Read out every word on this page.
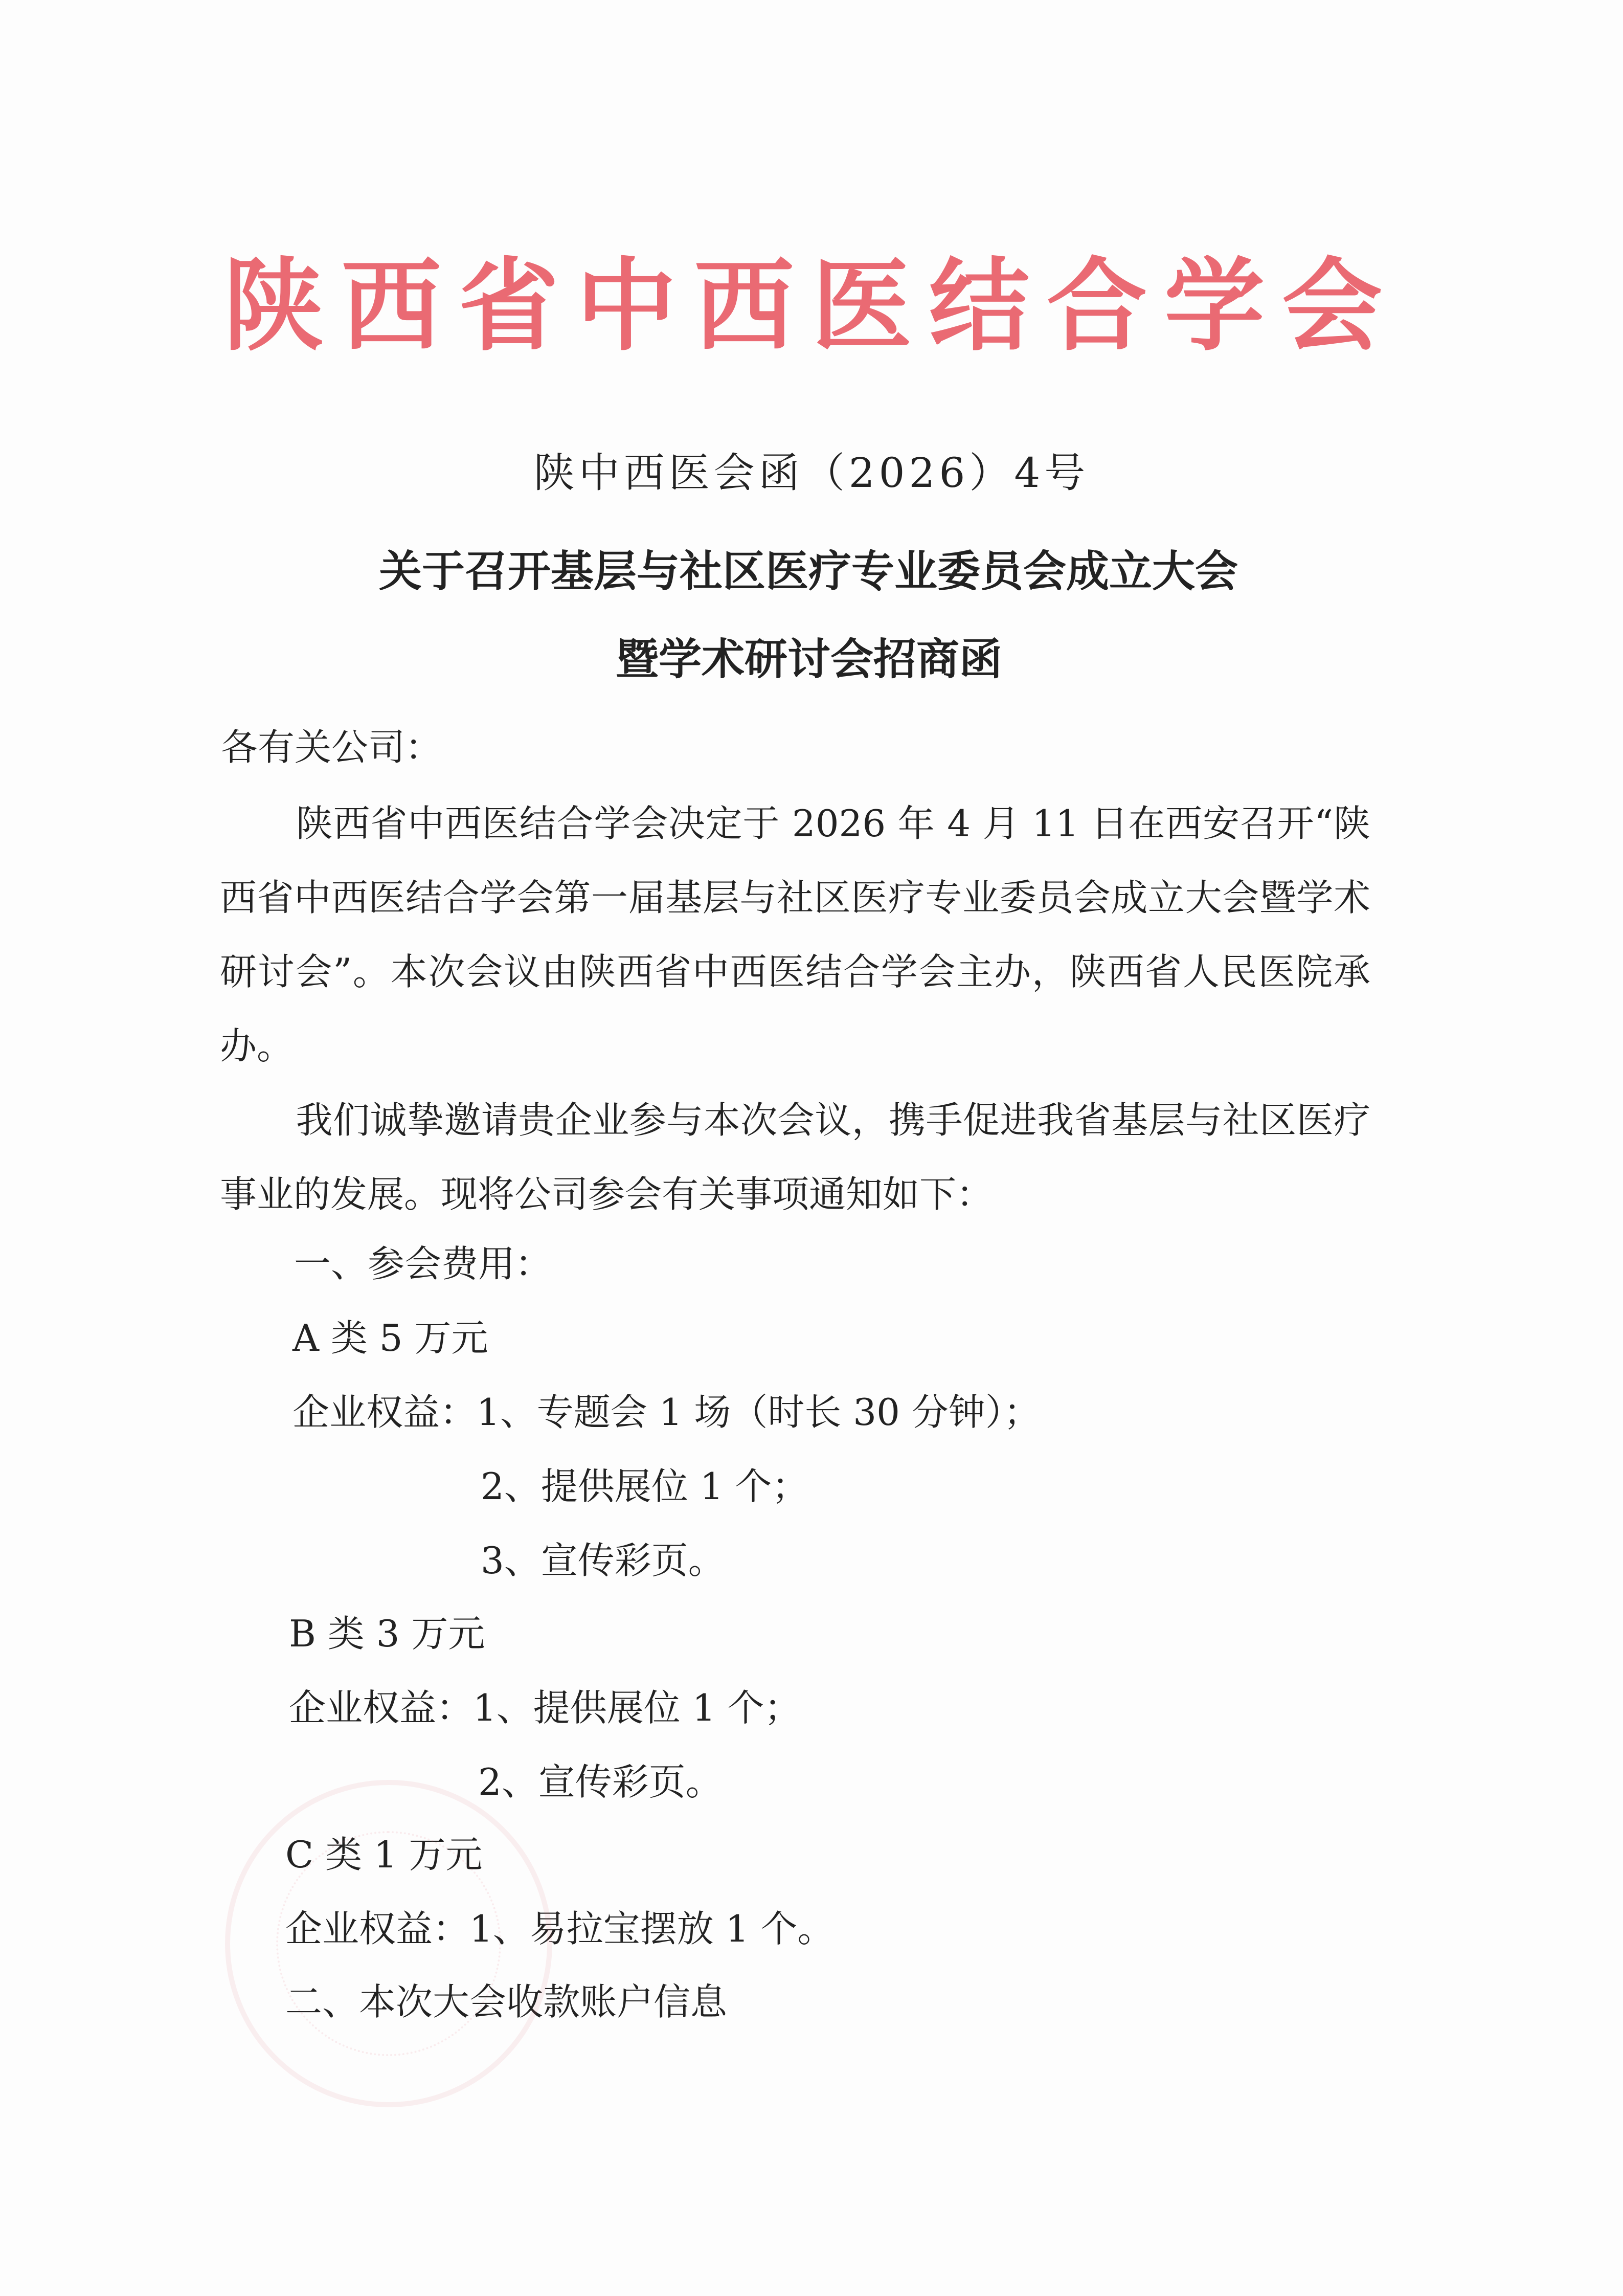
陕西省中西医结合学会
陕中西医会函（2026）4号
关于召开基层与社区医疗专业委员会成立大会
暨学术研讨会招商函
各有关公司：
陕西省中西医结合学会决定于 2026 年 4 月 11 日在西安召开“陕西省中西医结合学会第一届基层与社区医疗专业委员会成立大会暨学术研讨会”。本次会议由陕西省中西医结合学会主办，陕西省人民医院承办。
我们诚挚邀请贵企业参与本次会议，携手促进我省基层与社区医疗事业的发展。现将公司参会有关事项通知如下：
一、参会费用：
A 类 5 万元
企业权益：1、专题会 1 场（时长 30 分钟）；
2、提供展位 1 个；
3、宣传彩页。
B 类 3 万元
企业权益：1、提供展位 1 个；
2、宣传彩页。
C 类 1 万元
企业权益：1、易拉宝摆放 1 个。
二、本次大会收款账户信息
